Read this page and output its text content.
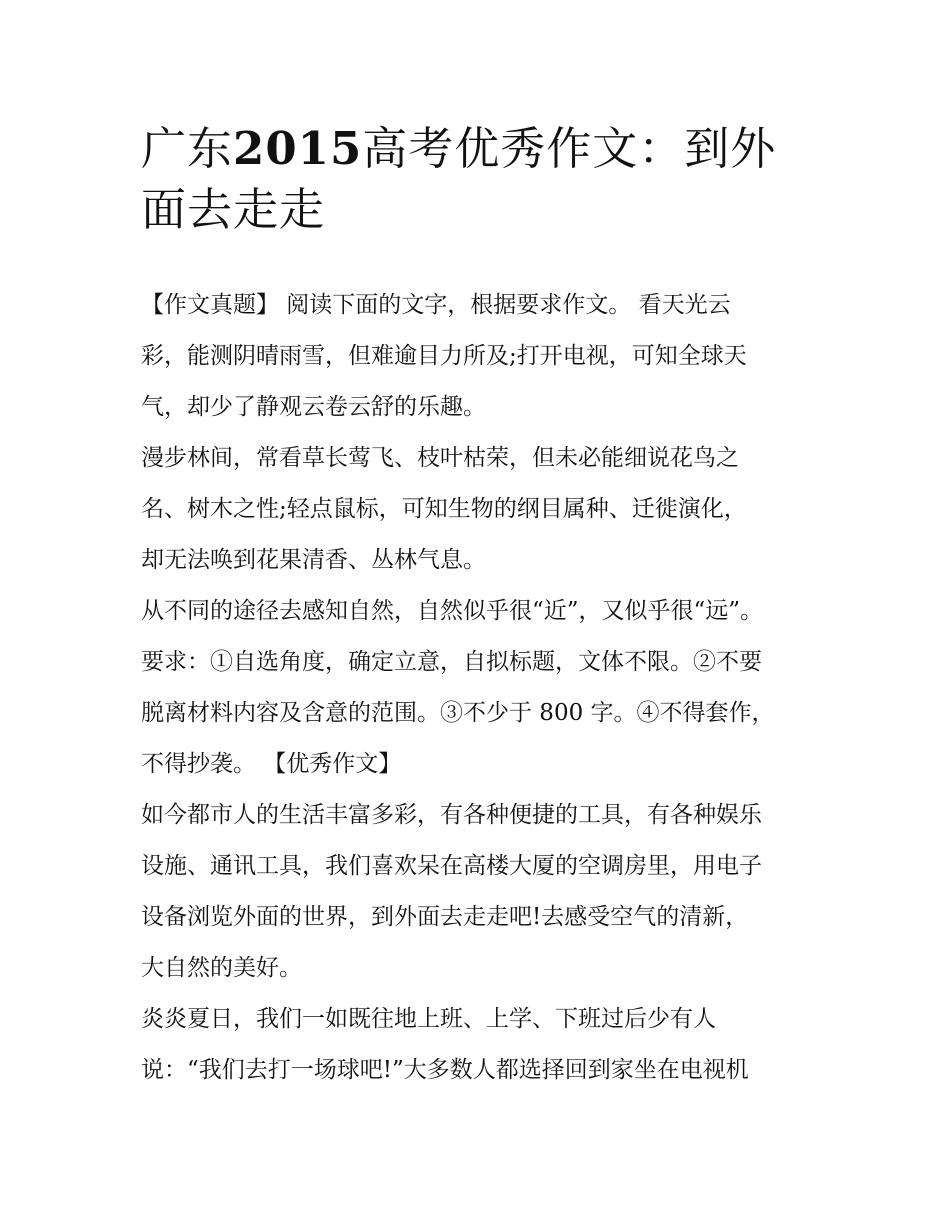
广东2015高考优秀作文：到外
面去走走
【作文真题】 阅读下面的文字，根据要求作文。 看天光云
彩，能测阴晴雨雪，但难逾目力所及;打开电视，可知全球天
气，却少了静观云卷云舒的乐趣。
漫步林间，常看草长莺飞、枝叶枯荣，但未必能细说花鸟之
名、树木之性;轻点鼠标，可知生物的纲目属种、迁徙演化，
却无法唤到花果清香、丛林气息。
从不同的途径去感知自然，自然似乎很“近”，又似乎很“远”。
要求：①自选角度，确定立意，自拟标题，文体不限。②不要
脱离材料内容及含意的范围。③不少于 800 字。④不得套作，
不得抄袭。 【优秀作文】
如今都市人的生活丰富多彩，有各种便捷的工具，有各种娱乐
设施、通讯工具，我们喜欢呆在高楼大厦的空调房里，用电子
设备浏览外面的世界，到外面去走走吧!去感受空气的清新，
大自然的美好。
炎炎夏日，我们一如既往地上班、上学、下班过后少有人
说：“我们去打一场球吧!”大多数人都选择回到家坐在电视机
